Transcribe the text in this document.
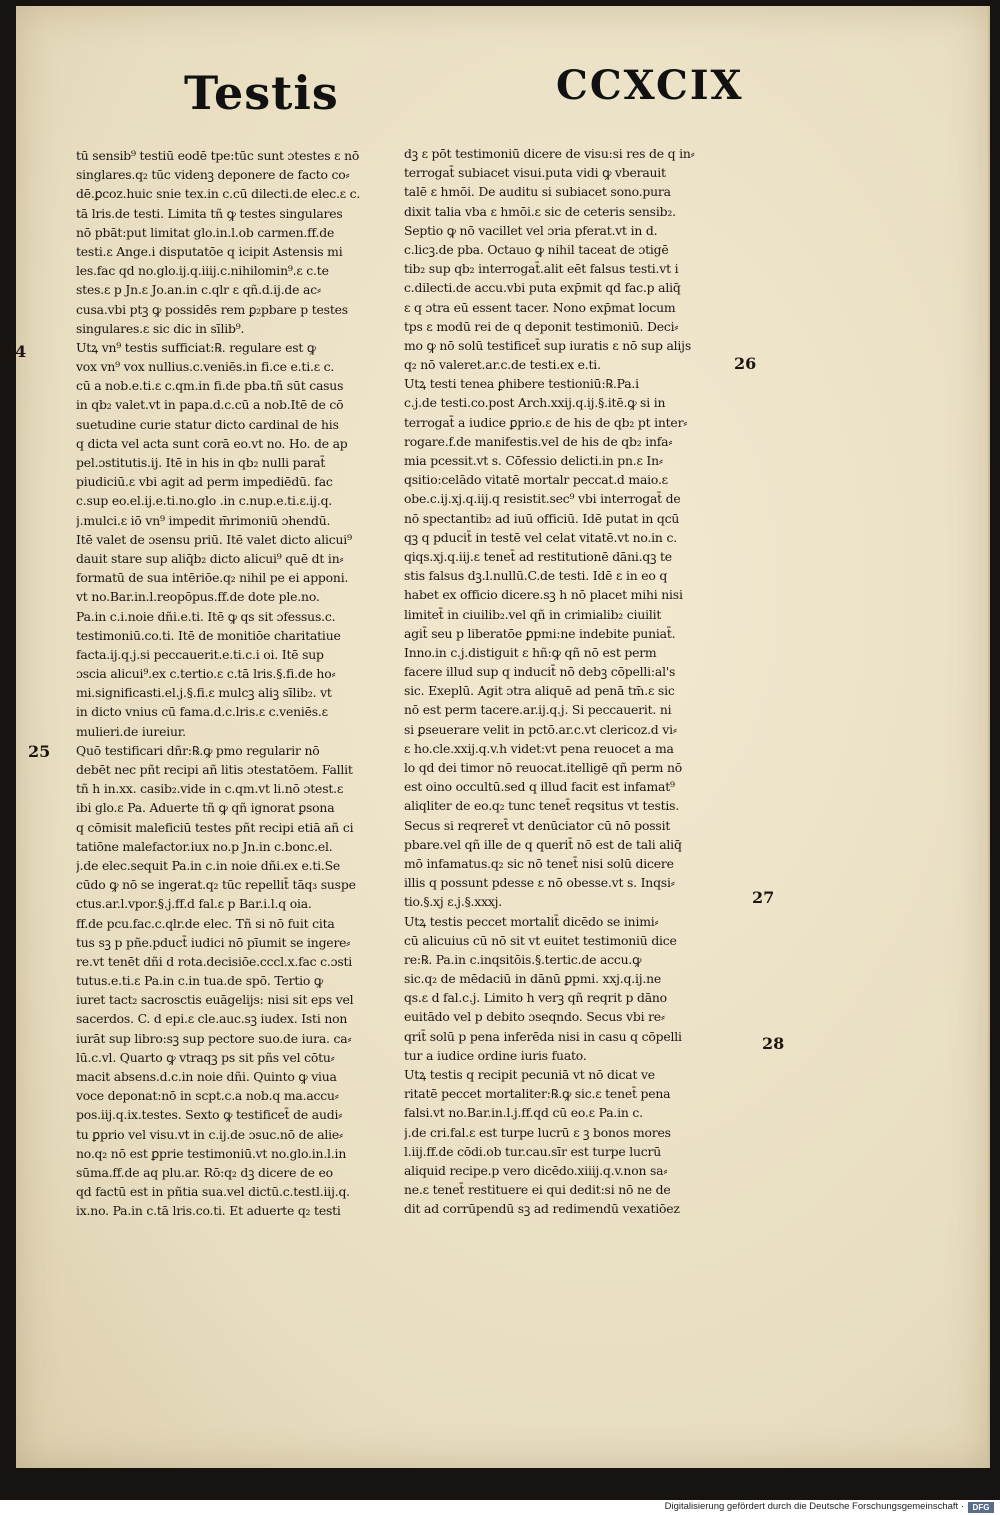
Testis	CCXCIX
24
25
26
27
28
tū sensib⁹ testiū eodē tpe:tūc sunt ɔtestes ɛ nō
singlares.q₂ tūc videnꝫ deponere de facto co⸗
dē.ꝑcoz.huic snie tex.in c.cū dilecti.de elec.ɛ c.
tā lris.de testi. Limita tñ ꝙ testes singulares
nō pbāt:put limitat glo.in.l.ob carmen.ff.de
testi.ɛ Ange.i disputatōe q icipit Astensis mi
les.fac qd no.glo.ij.q.iiij.c.nihilomin⁹.ɛ c.te
stes.ɛ p Jn.ɛ Jo.an.in c.qlr ɛ qñ.d.ij.de ac⸗
cusa.vbi ptꝫ ꝙ possidēs rem ꝑ₂pbare p testes
singulares.ɛ sic dic in sīlib⁹.
Utꝝ vn⁹ testis sufficiat:℞. regulare est ꝙ
vox vn⁹ vox nullius.c.veniēs.in fi.ce e.ti.ɛ c.
cū a nob.e.ti.ɛ c.qm.in fi.de pba.tñ sūt casus
in qb₂ valet.vt in papa.d.c.cū a nob.Itē de cō
suetudine curie statur dicto cardinal de his
q dicta vel acta sunt corā eo.vt no. Ho. de ap
pel.ɔstitutis.ij. Itē in his in qb₂ nulli parat̄
piudiciū.ɛ vbi agit ad perm impediēdū. fac
c.sup eo.el.ij.e.ti.no.glo .in c.nup.e.ti.ɛ.ij.q.
j.mulci.ɛ iō vn⁹ impedit m̄rimoniū ɔhendū.
Itē valet de ɔsensu priū. Itē valet dicto alicui⁹
dauit stare sup aliq̄b₂ dicto alicui⁹ quē dt in⸗
formatū de sua intēriōe.q₂ nihil pe ei apponi.
vt no.Bar.in.l.reopōpus.ff.de dote ple.no.
Pa.in c.i.noie dñi.e.ti. Itē ꝙ qs sit ɔfessus.c.
testimoniū.co.ti. Itē de monitiōe charitatiue
facta.ij.q.j.si peccauerit.e.ti.c.i oi. Itē sup
ɔscia alicui⁹.ex c.tertio.ɛ c.tā lris.§.fi.de ho⸗
mi.significasti.el.j.§.fi.ɛ mulcꝫ aliꝫ sīlib₂. vt
in dicto vnius cū fama.d.c.lris.ɛ c.veniēs.ɛ
mulieri.de iureiur.
Quō testificari dñr:℞.ꝙ pmo regularir nō
debēt nec pñt recipi añ litis ɔtestatōem. Fallit
tñ h in.xx. casib₂.vide in c.qm.vt li.nō ɔtest.ɛ
ibi glo.ɛ Pa. Aduerte tñ ꝙ qñ ignorat ꝑsona
q cōmisit maleficiū testes pñt recipi etiā añ ci
tatiōne malefactor.iux no.p Jn.in c.bonc.el.
j.de elec.sequit Pa.in c.in noie dñi.ex e.ti.Se
cūdo ꝙ nō se ingerat.q₂ tūc repellit̄ tāq₃ suspe
ctus.ar.l.vpor.§.j.ff.d fal.ɛ p Bar.i.l.q oia.
ff.de pcu.fac.c.qlr.de elec. Tñ si nō fuit cita
tus sꝫ p pñe.pduct̄ iudici nō pīumit se ingere⸗
re.vt tenēt dñi d rota.decisiōe.cccl.x.fac c.ɔsti
tutus.e.ti.ɛ Pa.in c.in tua.de spō. Tertio ꝙ
iuret tact₂ sacrosctis euāgelijs: nisi sit eps vel
sacerdos. C. d epi.ɛ cle.auc.sꝫ iudex. Isti non
iurāt sup libro:sꝫ sup pectore suo.de iura. ca⸗
lū.c.vl. Quarto ꝙ vtraqꝫ ps sit pñs vel cōtu⸗
macit absens.d.c.in noie dñi. Quinto ꝙ viua
voce deponat:nō in scpt.c.a nob.q ma.accu⸗
pos.iij.q.ix.testes. Sexto ꝙ testificet̄ de audi⸗
tu ꝑprio vel visu.vt in c.ij.de ɔsuc.nō de alie⸗
no.q₂ nō est ꝑprie testimoniū.vt no.glo.in.l.in
sūma.ff.de aq plu.ar. Rō:q₂ dꝫ dicere de eo
qd factū est in pñtia sua.vel dictū.c.testl.iij.q.
ix.no. Pa.in c.tā lris.co.ti. Et aduerte q₂ testi
dꝫ ɛ pōt testimoniū dicere de visu:si res de q in⸗
terrogat̄ subiacet visui.puta vidi ꝙ vberauit
talē ɛ hmōi. De auditu si subiacet sono.pura
dixit talia vba ɛ hmōi.ɛ sic de ceteris sensib₂.
Septio ꝙ nō vacillet vel ɔria pferat.vt in d.
c.licꝫ.de pba. Octauo ꝙ nihil taceat de ɔtigē
tib₂ sup qb₂ interrogat̄.alit eēt falsus testi.vt i
c.dilecti.de accu.vbi puta exp̄mit qd fac.p aliq̄
ɛ q ɔtra eū essent tacer. Nono exp̄mat locum
tps ɛ modū rei de q deponit testimoniū. Deci⸗
mo ꝙ nō solū testificet̄ sup iuratis ɛ nō sup alijs
q₂ nō valeret.ar.c.de testi.ex e.ti.
Utꝝ testi tenea ꝑhibere testioniū:℞.Pa.i
c.j.de testi.co.post Arch.xxij.q.ij.§.itē.ꝙ si in
terrogat̄ a iudice ꝑprio.ɛ de his de qb₂ pt inter⸗
rogare.f.de manifestis.vel de his de qb₂ infa⸗
mia pcessit.vt s. Cōfessio delicti.in pn.ɛ In⸗
qsitio:celādo vitatē mortalr peccat.d maio.ɛ
obe.c.ij.xj.q.iij.q resistit.sec⁹ vbi interrogat̄ de
nō spectantib₂ ad iuū officiū. Idē putat in qcū
qꝫ q pducit̄ in testē vel celat vitatē.vt no.in c.
qiqs.xj.q.iij.ɛ tenet̄ ad restitutionē dāni.qꝫ te
stis falsus dꝫ.l.nullū.C.de testi. Idē ɛ in eo q
habet ex officio dicere.sꝫ h nō placet mihi nisi
limitet̄ in ciuilib₂.vel qñ in crimialib₂ ciuilit
agit̄ seu p liberatōe ꝑpmi:ne indebite puniat̄.
Inno.in c.j.distiguit ɛ hñ:ꝙ qñ nō est perm
facere illud sup q inducit̄ nō debꝫ cōpelli:al's
sic. Exeplū. Agit ɔtra aliquē ad penā tm̄.ɛ sic
nō est perm tacere.ar.ij.q.j. Si peccauerit. ni
si ꝑseuerare velit in pctō.ar.c.vt clericoz.d vi⸗
ɛ ho.cle.xxij.q.v.h videt:vt pena reuocet a ma
lo qd dei timor nō reuocat.itelligē qñ perm nō
est oino occultū.sed q illud facit est infamat⁹
aliqliter de eo.q₂ tunc tenet̄ reqsitus vt testis.
Secus si reqreret̄ vt denūciator cū nō possit
pbare.vel qñ ille de q querit̄ nō est de tali aliq̄
mō infamatus.q₂ sic nō tenet̄ nisi solū dicere
illis q possunt pdesse ɛ nō obesse.vt s. Inqsi⸗
tio.§.xj ɛ.j.§.xxxj.
Utꝝ testis peccet mortalit̄ dicēdo se inimi⸗
cū alicuius cū nō sit vt euitet testimoniū dice
re:℞. Pa.in c.inqsitōis.§.tertic.de accu.ꝙ
sic.q₂ de mēdaciū in dānū ꝑpmi. xxj.q.ij.ne
qs.ɛ d fal.c.j. Limito h verꝫ qñ reqrit p dāno
euitādo vel p debito ɔseqndo. Secus vbi re⸗
qrit̄ solū p pena inferēda nisi in casu q cōpelli
tur a iudice ordine iuris fuato.
Utꝝ testis q recipit pecuniā vt nō dicat ve
ritatē peccet mortaliter:℞.ꝙ sic.ɛ tenet̄ pena
falsi.vt no.Bar.in.l.j.ff.qd cū eo.ɛ Pa.in c.
j.de cri.fal.ɛ est turpe lucrū ɛ ꝫ bonos mores
l.iij.ff.de cōdi.ob tur.cau.sīr est turpe lucrū
aliquid recipe.p vero dicēdo.xiiij.q.v.non sa⸗
ne.ɛ tenet̄ restituere ei qui dedit:si nō ne de
dit ad corrūpendū sꝫ ad redimendū vexatiōez
Digitalisierung gefördert durch die Deutsche Forschungsgemeinschaft ·	DFG
